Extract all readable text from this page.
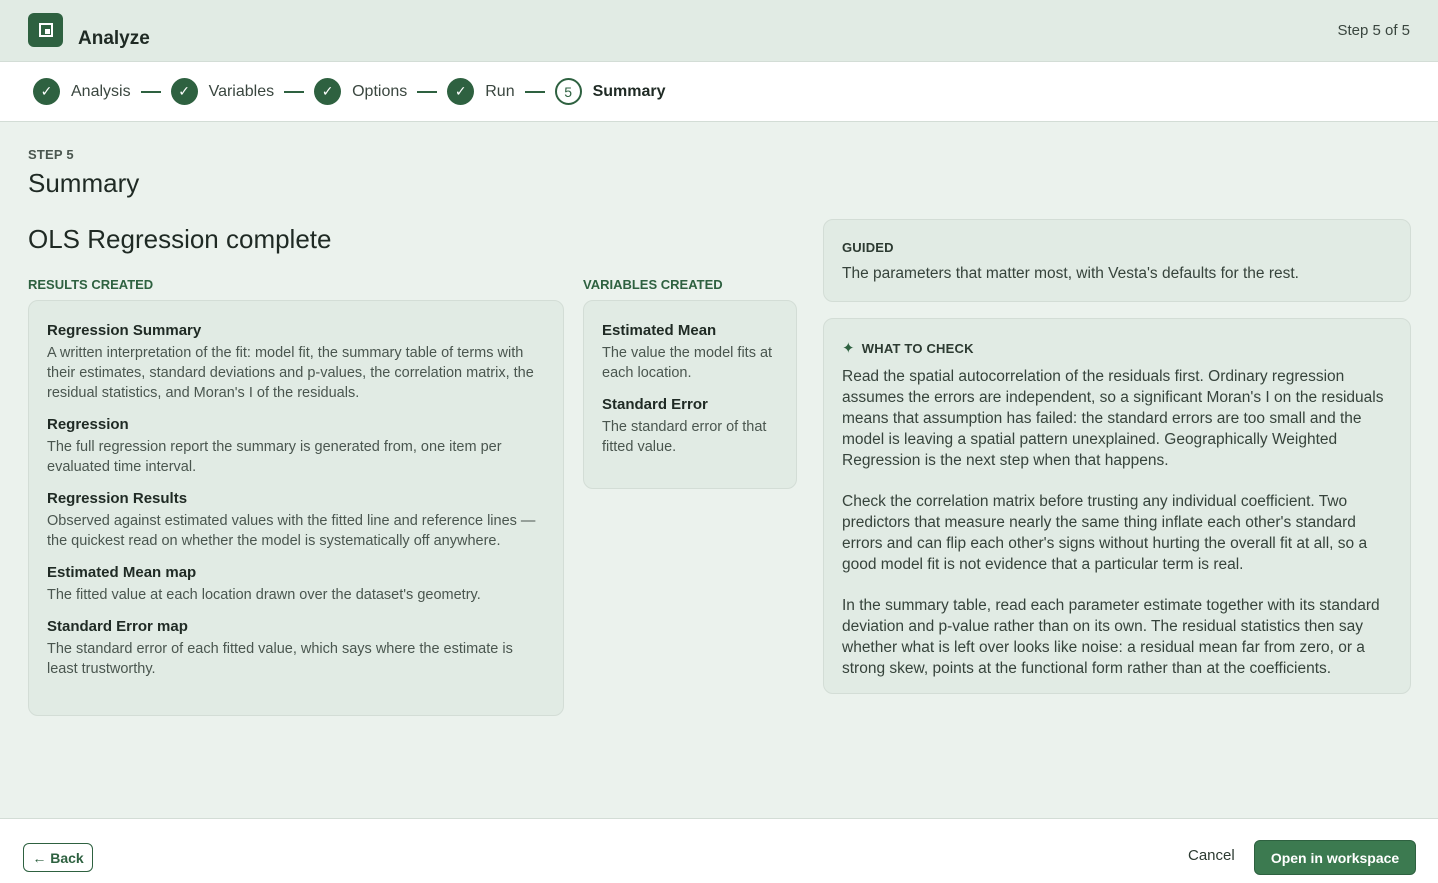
Analyze	Step 5 of 5
✓	Analysis	✓	Variables	✓	Options	✓	Run	5	Summary
STEP 5
Summary
OLS Regression complete
RESULTS CREATED
Regression Summary
A written interpretation of the fit: model fit, the summary table of terms with their estimates, standard deviations and p-values, the correlation matrix, the residual statistics, and Moran's I of the residuals.
Regression
The full regression report the summary is generated from, one item per evaluated time interval.
Regression Results
Observed against estimated values with the fitted line and reference lines — the quickest read on whether the model is systematically off anywhere.
Estimated Mean map
The fitted value at each location drawn over the dataset's geometry.
Standard Error map
The standard error of each fitted value, which says where the estimate is least trustworthy.
VARIABLES CREATED
Estimated Mean
The value the model fits at each location.
Standard Error
The standard error of that fitted value.
GUIDED
The parameters that matter most, with Vesta's defaults for the rest.
✦ WHAT TO CHECK

Read the spatial autocorrelation of the residuals first. Ordinary regression assumes the errors are independent, so a significant Moran's I on the residuals means that assumption has failed: the standard errors are too small and the model is leaving a spatial pattern unexplained. Geographically Weighted Regression is the next step when that happens.

Check the correlation matrix before trusting any individual coefficient. Two predictors that measure nearly the same thing inflate each other's standard errors and can flip each other's signs without hurting the overall fit at all, so a good model fit is not evidence that a particular term is real.

In the summary table, read each parameter estimate together with its standard deviation and p-value rather than on its own. The residual statistics then say whether what is left over looks like noise: a residual mean far from zero, or a strong skew, points at the functional form rather than at the coefficients.

← Back	Cancel	Open in workspace
